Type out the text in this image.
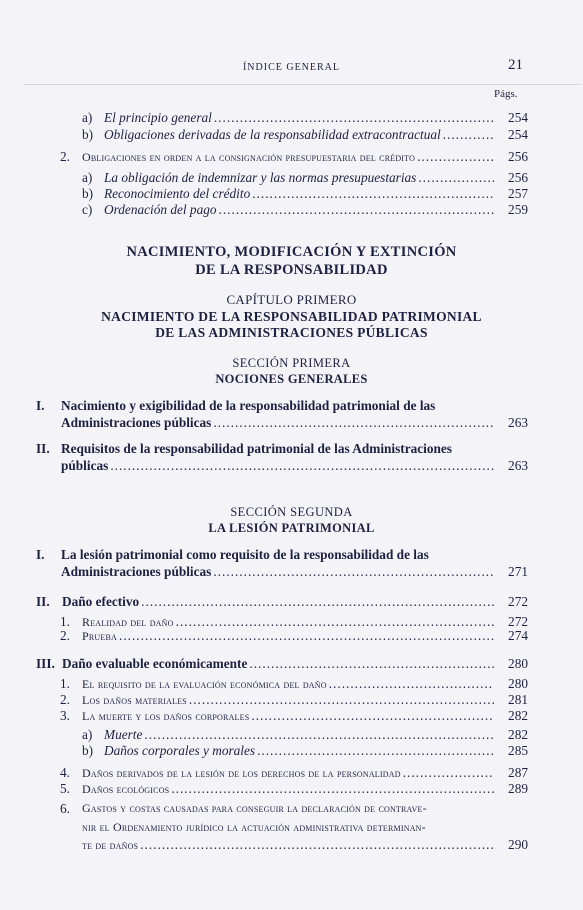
ÍNDICE GENERAL	21
Págs.
a) El principio general .....	254
b) Obligaciones derivadas de la responsabilidad extracontractual .....	254
2.	Obligaciones en orden a la consignación presupuestaria del crédito .....	256
a) La obligación de indemnizar y las normas presupuestarias .....	256
b) Reconocimiento del crédito .....	257
c) Ordenación del pago .....	259
NACIMIENTO, MODIFICACIÓN Y EXTINCIÓN
DE LA RESPONSABILIDAD
CAPÍTULO PRIMERO
NACIMIENTO DE LA RESPONSABILIDAD PATRIMONIAL
DE LAS ADMINISTRACIONES PÚBLICAS
SECCIÓN PRIMERA
NOCIONES GENERALES
I.	Nacimiento y exigibilidad de la responsabilidad patrimonial de las
Administraciones públicas .....	263
II. Requisitos de la responsabilidad patrimonial de las Administraciones
públicas .....	263
SECCIÓN SEGUNDA
LA LESIÓN PATRIMONIAL
I.	La lesión patrimonial como requisito de la responsabilidad de las
Administraciones públicas .....	271
II. Daño efectivo .....	272
1.	Realidad del daño .....	272
2.	Prueba .....	274
III. Daño evaluable económicamente .....	280
1.	El requisito de la evaluación económica del daño .....	280
2.	Los daños materiales .....	281
3.	La muerte y los daños corporales .....	282
a) Muerte .....	282
b) Daños corporales y morales .....	285
4.	Daños derivados de la lesión de los derechos de la personalidad .....	287
5.	Daños ecológicos .....	289
6.	Gastos y costas causadas para conseguir la declaración de contrave-
nir el Ordenamiento jurídico la actuación administrativa determinan-
te de daños .....	290
